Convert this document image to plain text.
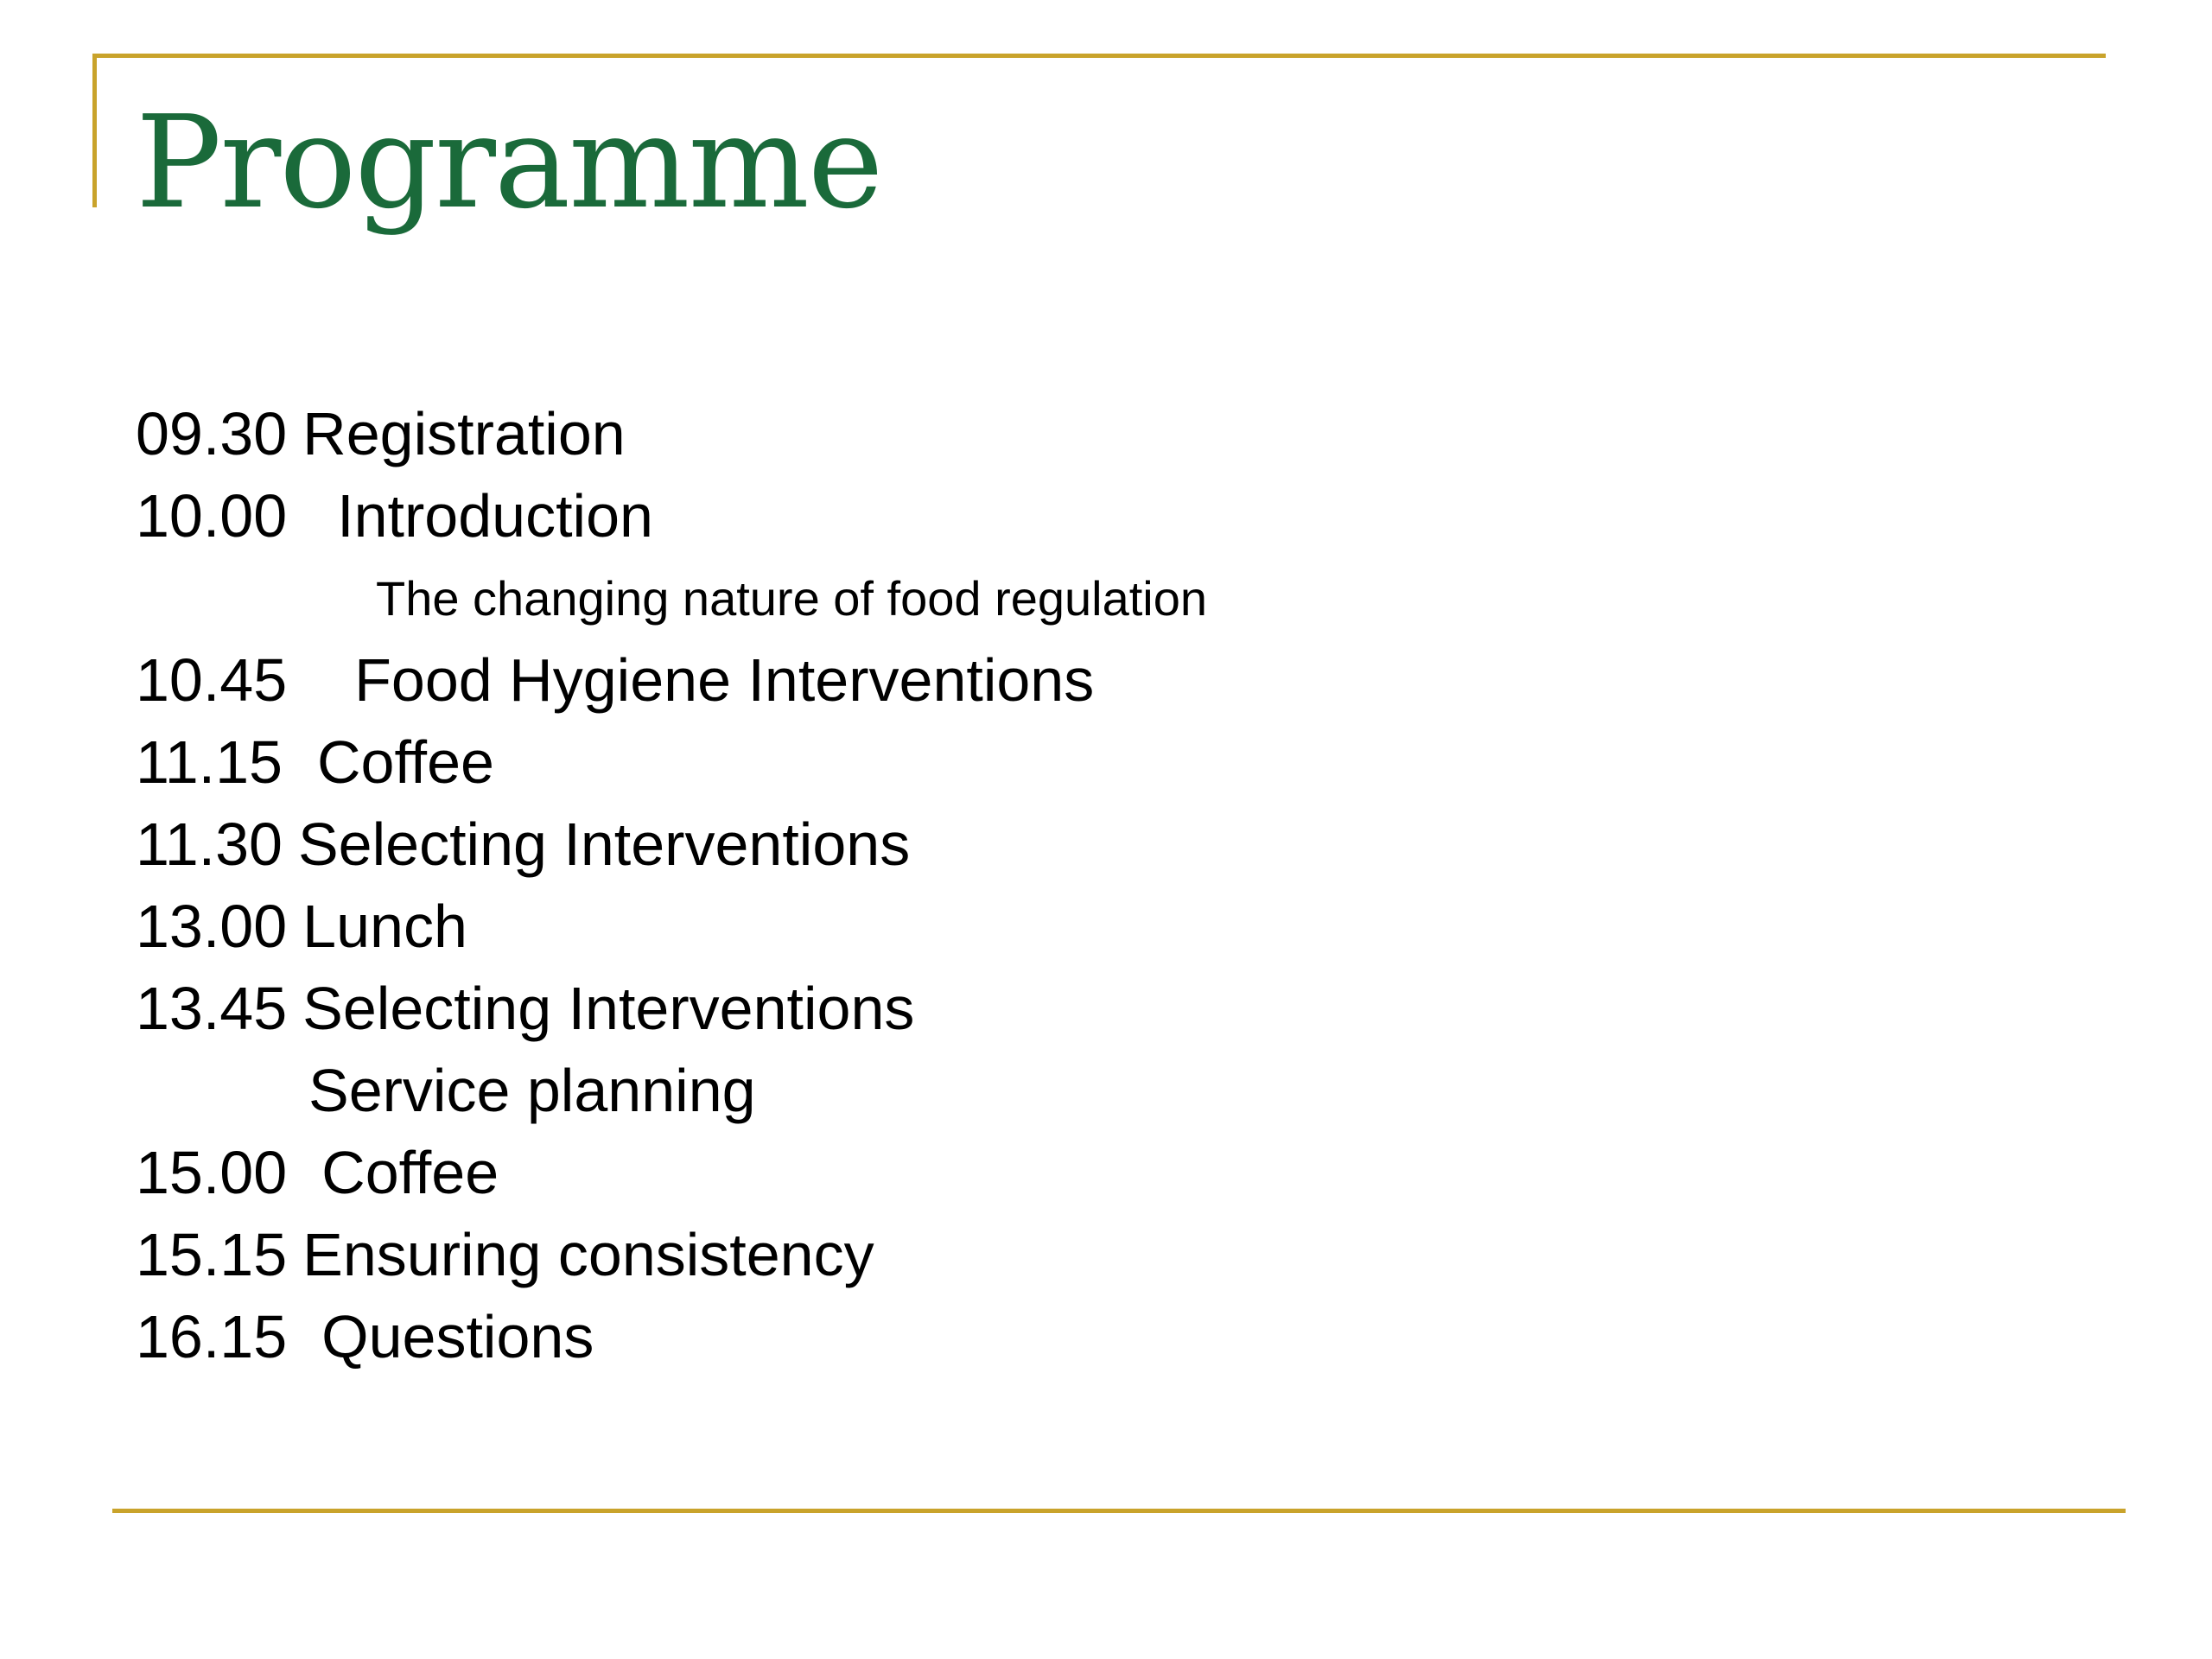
Programme
09.30 Registration
10.00 Introduction
The changing nature of food regulation
10.45 Food Hygiene Interventions
11.15 Coffee
11.30 Selecting Interventions
13.00 Lunch
13.45 Selecting Interventions
Service planning
15.00 Coffee
15.15 Ensuring consistency
16.15 Questions
